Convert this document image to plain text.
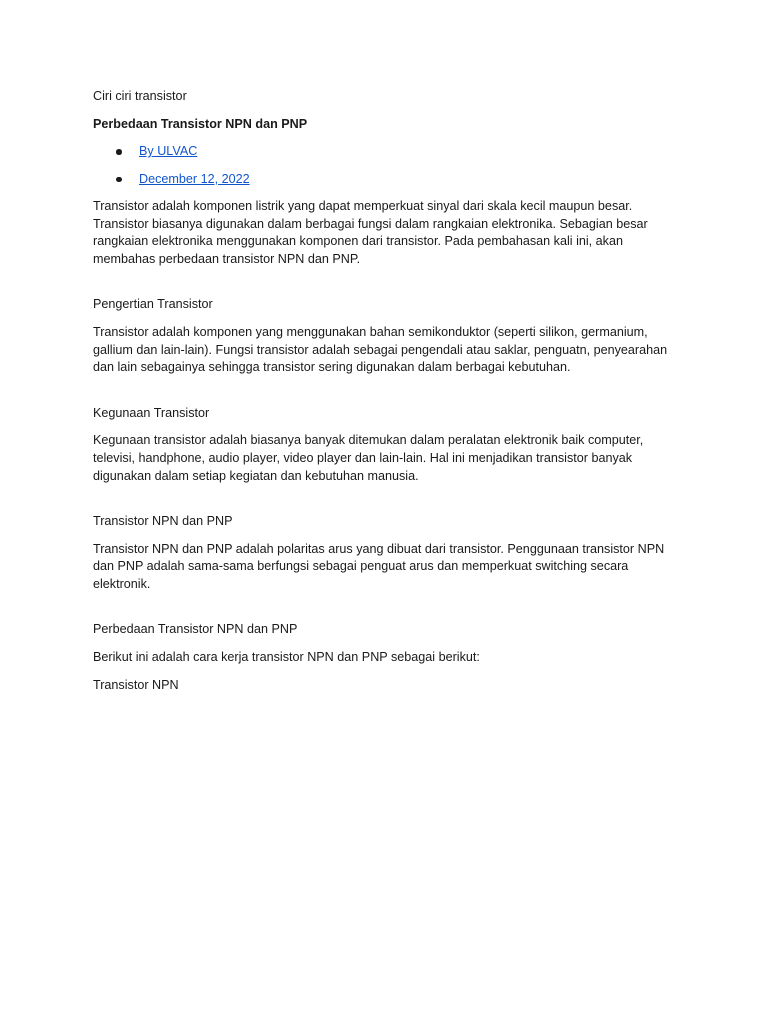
Ciri ciri transistor

Perbedaan Transistor NPN dan PNP

By ULVAC
December 12, 2022

Transistor adalah komponen listrik yang dapat memperkuat sinyal dari skala kecil maupun besar. Transistor biasanya digunakan dalam berbagai fungsi dalam rangkaian elektronika. Sebagian besar rangkaian elektronika menggunakan komponen dari transistor. Pada pembahasan kali ini, akan membahas perbedaan transistor NPN dan PNP.

Pengertian Transistor

Transistor adalah komponen yang menggunakan bahan semikonduktor (seperti silikon, germanium, gallium dan lain-lain). Fungsi transistor adalah sebagai pengendali atau saklar, penguatn, penyearahan dan lain sebagainya sehingga transistor sering digunakan dalam berbagai kebutuhan.

Kegunaan Transistor

Kegunaan transistor adalah biasanya banyak ditemukan dalam peralatan elektronik baik computer, televisi, handphone, audio player, video player dan lain-lain. Hal ini menjadikan transistor banyak digunakan dalam setiap kegiatan dan kebutuhan manusia.

Transistor NPN dan PNP

Transistor NPN dan PNP adalah polaritas arus yang dibuat dari transistor. Penggunaan transistor NPN dan PNP adalah sama-sama berfungsi sebagai penguat arus dan memperkuat switching secara elektronik.

Perbedaan Transistor NPN dan PNP

Berikut ini adalah cara kerja transistor NPN dan PNP sebagai berikut:

Transistor NPN
